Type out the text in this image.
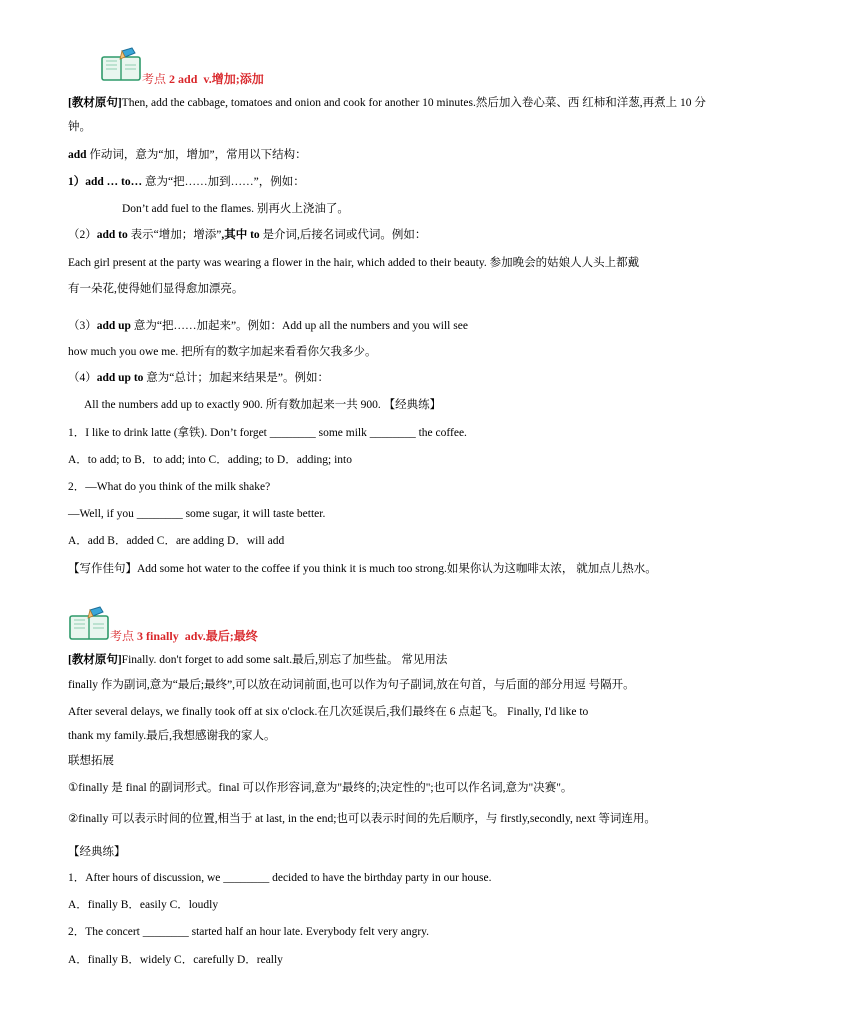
考点 2 add v.增加;添加
[教材原句]Then, add the cabbage, tomatoes and onion and cook for another 10 minutes.然后加入卷心菜、西 红柿和洋葱,再煮上 10 分
钟。
add 作动词，意为“加，增加”，常用以下结构：
1）add … to… 意为“把……加到……”，例如：
Don’t add fuel to the flames. 别再火上浇油了。
（2）add to 表示“增加；增添”,其中 to 是介词,后接名词或代词。例如：
Each girl present at the party was wearing a flower in the hair, which added to their beauty. 参加晚会的姑娘人人头上都戴
有一朵花,使得她们显得愈加漂亮。
（3）add up 意为“把……加起来”。例如：Add up all the numbers and you will see
how much you owe me. 把所有的数字加起来看看你欠我多少。
（4）add up to 意为“总计；加起来结果是”。例如：
All the numbers add up to exactly 900. 所有数加起来一共 900. 【经典练】
1．I like to drink latte (拿铁). Don’t forget ________ some milk ________ the coffee.
A．to add; to B．to add; into C．adding; to D．adding; into
2．—What do you think of the milk shake?
—Well, if you ________ some sugar, it will taste better.
A．add B．added C．are adding D．will add
【写作佳句】Add some hot water to the coffee if you think it is much too strong.如果你认为这咖啡太浓， 就加点儿热水。
考点 3 finally adv.最后;最终
[教材原句]Finally. don't forget to add some salt.最后,别忘了加些盐。 常见用法
finally 作为副词,意为“最后;最终”,可以放在动词前面,也可以作为句子副词,放在句首，与后面的部分用逗 号隔开。
After several delays, we finally took off at six o'clock.在几次延误后,我们最终在 6 点起飞。 Finally, I'd like to
thank my family.最后,我想感谢我的家人。
联想拓展
①finally 是 final 的副词形式。final 可以作形容词,意为"最终的;决定性的";也可以作名词,意为"决赛"。
②finally 可以表示时间的位置,相当于 at last, in the end;也可以表示时间的先后顺序，与 firstly,secondly, next 等词连用。
【经典练】
1．After hours of discussion, we ________ decided to have the birthday party in our house.
A．finally B．easily C．loudly
2．The concert ________ started half an hour late. Everybody felt very angry.
A．finally B．widely C．carefully D．really
